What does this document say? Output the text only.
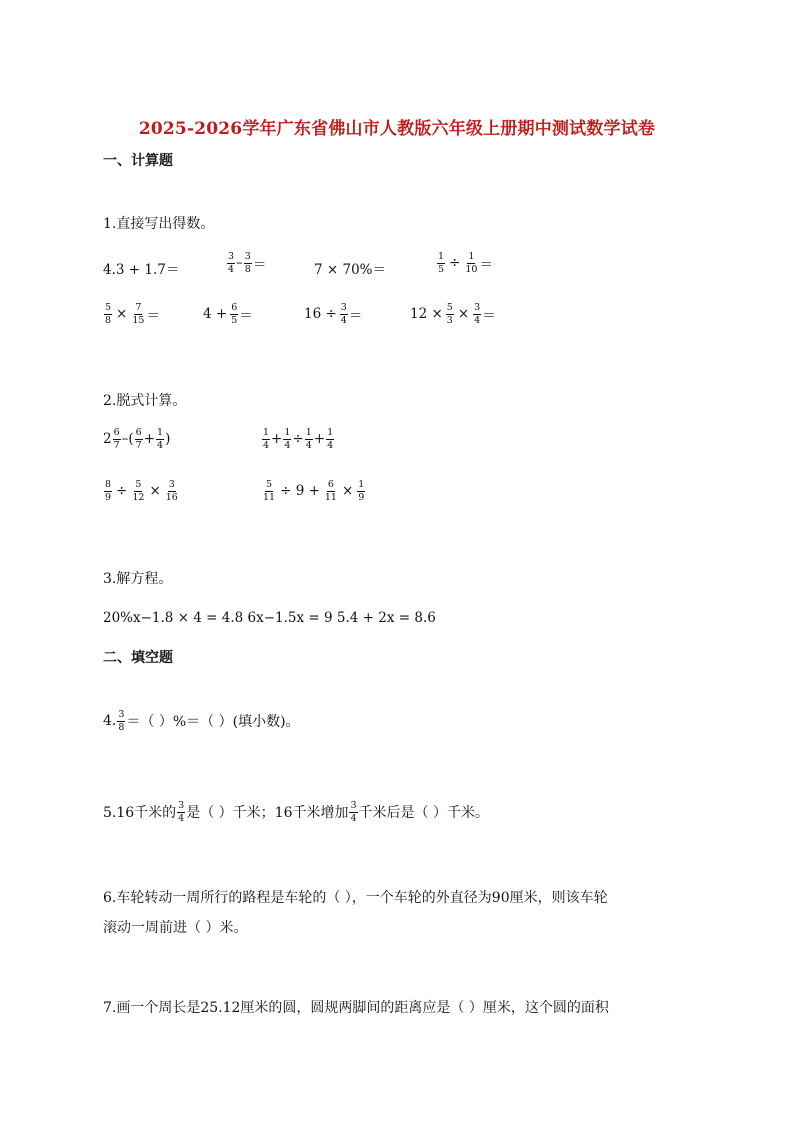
2025-2026学年广东省佛山市人教版六年级上册期中测试数学试卷
一、计算题
1.直接写出得数。
4.3 + 1.7＝	$\frac{3}{4} - \frac{3}{8}$ ＝	7 × 70%＝	$\frac{1}{5} \div \frac{1}{10}$ ＝
$\frac{5}{8} \times \frac{7}{15}$ ＝	$4 + \frac{6}{5}$ ＝	$16 \div \frac{3}{4}$ ＝	$12 \times \frac{5}{3} \times \frac{3}{4}$ ＝
2.脱式计算。
$2 \frac{6}{7}$ –( $\frac{6}{7} + \frac{1}{4}$ )	$\frac{1}{4} + \frac{1}{4} \div \frac{1}{4} + \frac{1}{4}$
$\frac{8}{9} \div \frac{5}{12} \times \frac{3}{16}$	$\frac{5}{11} \div 9 + \frac{6}{11} \times \frac{1}{9}$
3.解方程。
20%x−1.8 × 4 = 4.8 6x−1.5x = 9 5.4 + 2x = 8.6
二、填空题
4. $\frac{3}{8}$ ＝（ ）%＝（ ）(填小数)。
5.16千米的 $\frac{3}{4}$ 是（ ）千米；16千米增加 $\frac{3}{4}$ 千米后是（ ）千米。
6.车轮转动一周所行的路程是车轮的（ ），一个车轮的外直径为90厘米，则该车轮
滚动一周前进（ ）米。
7.画一个周长是25.12厘米的圆，圆规两脚间的距离应是（ ）厘米，这个圆的面积
